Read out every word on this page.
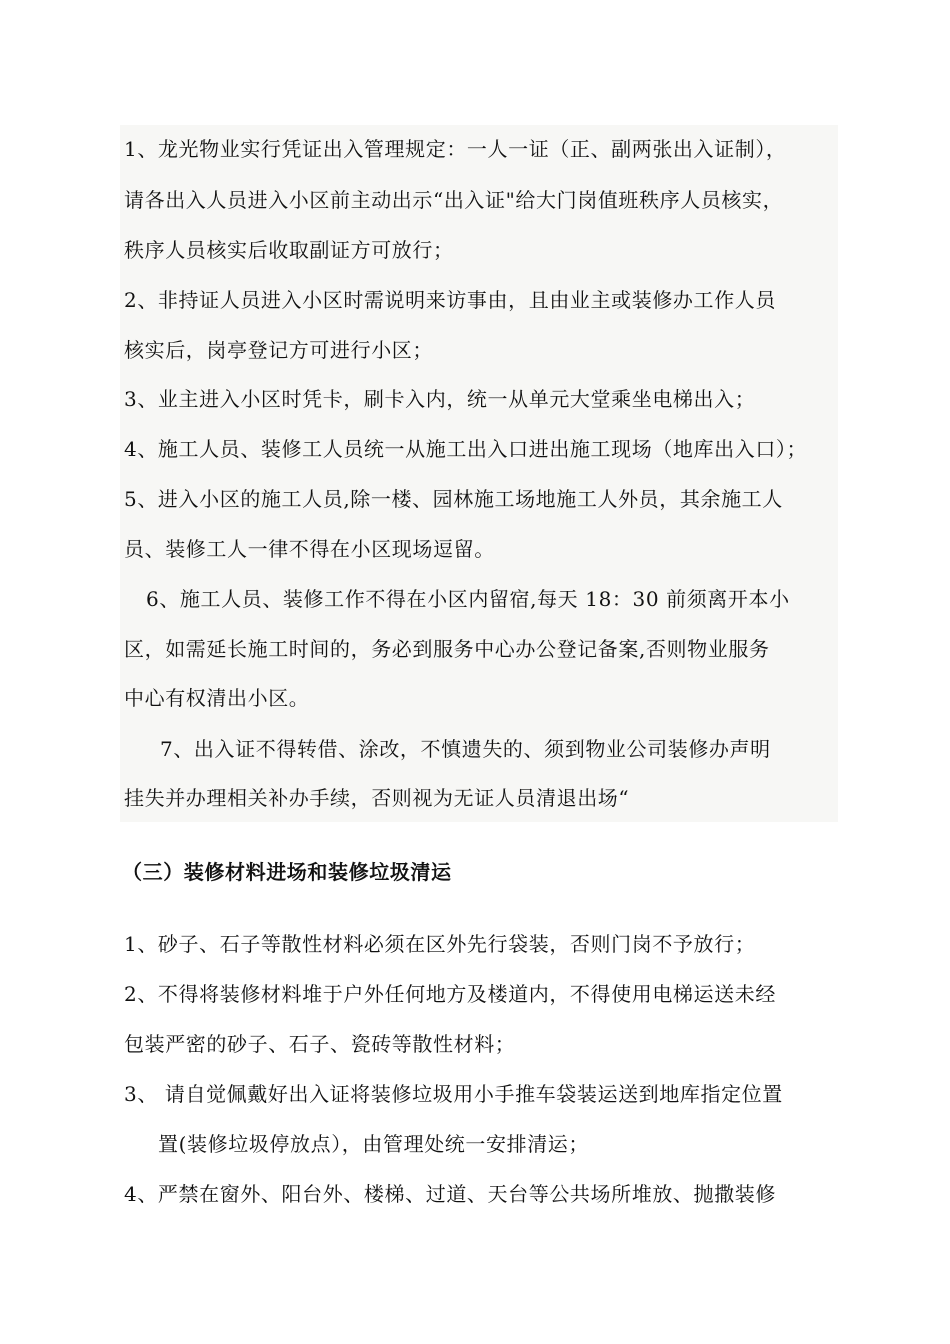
1、龙光物业实行凭证出入管理规定：一人一证（正、副两张出入证制），
请各出入人员进入小区前主动出示“出入证"给大门岗值班秩序人员核实，
秩序人员核实后收取副证方可放行；
2、非持证人员进入小区时需说明来访事由，且由业主或装修办工作人员
核实后，岗亭登记方可进行小区；
3、业主进入小区时凭卡，刷卡入内，统一从单元大堂乘坐电梯出入；
4、施工人员、装修工人员统一从施工出入口进出施工现场（地库出入口）；
5、进入小区的施工人员,除一楼、园林施工场地施工人外员，其余施工人
员、装修工人一律不得在小区现场逗留。
6、施工人员、装修工作不得在小区内留宿,每天 18：30 前须离开本小
区，如需延长施工时间的，务必到服务中心办公登记备案,否则物业服务
中心有权清出小区。
7、出入证不得转借、涂改，不慎遗失的、须到物业公司装修办声明
挂失并办理相关补办手续，否则视为无证人员清退出场“
（三）装修材料进场和装修垃圾清运
1、砂子、石子等散性材料必须在区外先行袋装，否则门岗不予放行；
2、不得将装修材料堆于户外任何地方及楼道内，不得使用电梯运送未经
包装严密的砂子、石子、瓷砖等散性材料；
3、 请自觉佩戴好出入证将装修垃圾用小手推车袋装运送到地库指定位置
置(装修垃圾停放点），由管理处统一安排清运；
4、严禁在窗外、阳台外、楼梯、过道、天台等公共场所堆放、抛撒装修
